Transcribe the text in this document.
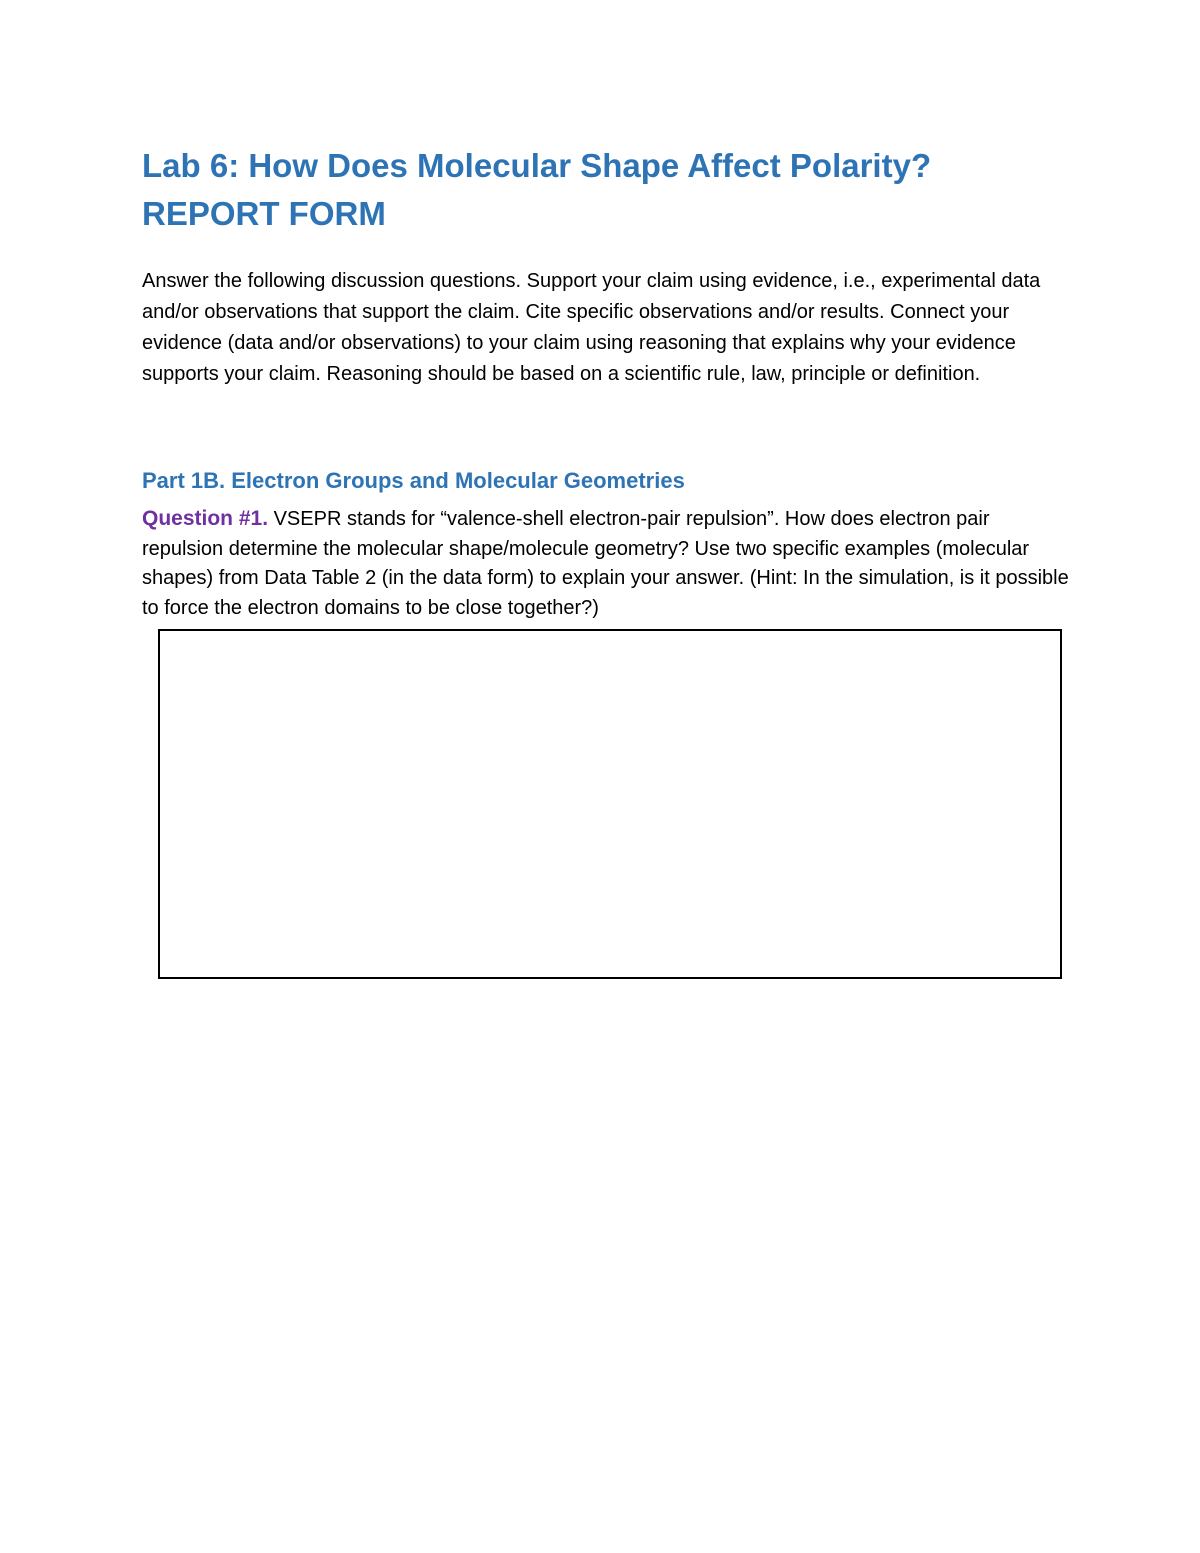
Lab 6: How Does Molecular Shape Affect Polarity?
REPORT FORM

Answer the following discussion questions. Support your claim using evidence, i.e., experimental data and/or observations that support the claim. Cite specific observations and/or results. Connect your evidence (data and/or observations) to your claim using reasoning that explains why your evidence supports your claim. Reasoning should be based on a scientific rule, law, principle or definition.

Part 1B. Electron Groups and Molecular Geometries

Question #1. VSEPR stands for “valence-shell electron-pair repulsion”. How does electron pair repulsion determine the molecular shape/molecule geometry? Use two specific examples (molecular shapes) from Data Table 2 (in the data form) to explain your answer. (Hint: In the simulation, is it possible to force the electron domains to be close together?)
